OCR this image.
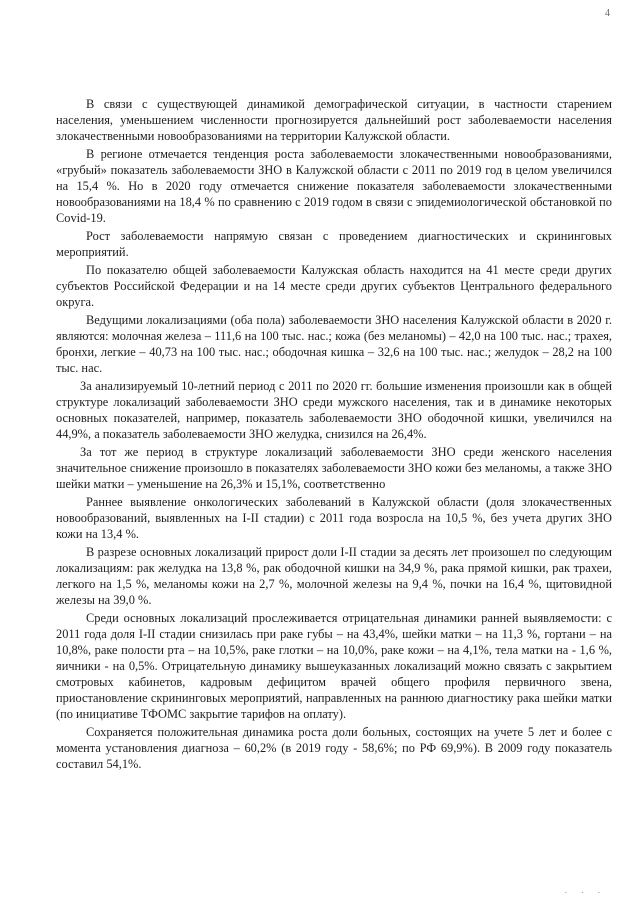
4

В связи с существующей динамикой демографической ситуации, в частности старением населения, уменьшением численности прогнозируется дальнейший рост заболеваемости населения злокачественными новообразованиями на территории Калужской области.

В регионе отмечается тенденция роста заболеваемости злокачественными новообразованиями, «грубый» показатель заболеваемости ЗНО в Калужской области с 2011 по 2019 год в целом увеличился на 15,4 %. Но в 2020 году отмечается снижение показателя заболеваемости злокачественными новообразованиями на 18,4 % по сравнению с 2019 годом в связи с эпидемиологической обстановкой по Covid-19.

Рост заболеваемости напрямую связан с проведением диагностических и скрининговых мероприятий.

По показателю общей заболеваемости Калужская область находится на 41 месте среди других субъектов Российской Федерации и на 14 месте среди других субъектов Центрального федерального округа.

Ведущими локализациями (оба пола) заболеваемости ЗНО населения Калужской области в 2020 г. являются: молочная железа – 111,6 на 100 тыс. нас.; кожа (без меланомы) – 42,0 на 100 тыс. нас.; трахея, бронхи, легкие – 40,73 на 100 тыс. нас.; ободочная кишка – 32,6 на 100 тыс. нас.; желудок – 28,2 на 100 тыс. нас.

За анализируемый 10-летний период с 2011 по 2020 гг. большие изменения произошли как в общей структуре локализаций заболеваемости ЗНО среди мужского населения, так и в динамике некоторых основных показателей, например, показатель заболеваемости ЗНО ободочной кишки, увеличился на 44,9%, а показатель заболеваемости ЗНО желудка, снизился на 26,4%.

За тот же период в структуре локализаций заболеваемости ЗНО среди женского населения значительное снижение произошло в показателях заболеваемости ЗНО кожи без меланомы, а также ЗНО шейки матки – уменьшение на 26,3% и 15,1%, соответственно

Раннее выявление онкологических заболеваний в Калужской области (доля злокачественных новообразований, выявленных на I-II стадии) с 2011 года возросла на 10,5 %, без учета других ЗНО кожи на 13,4 %.

В разрезе основных локализаций прирост доли I-II стадии за десять лет произошел по следующим локализациям: рак желудка на 13,8 %, рак ободочной кишки на 34,9 %, рака прямой кишки, рак трахеи, легкого на 1,5 %, меланомы кожи на 2,7 %, молочной железы на 9,4 %, почки на 16,4 %, щитовидной железы на 39,0 %.

Среди основных локализаций прослеживается отрицательная динамики ранней выявляемости: с 2011 года доля I-II стадии снизилась при раке губы – на 43,4%, шейки матки – на 11,3 %, гортани – на 10,8%, раке полости рта – на 10,5%, раке глотки – на 10,0%, раке кожи – на 4,1%, тела матки на - 1,6 %, яичники - на 0,5%. Отрицательную динамику вышеуказанных локализаций можно связать с закрытием смотровых кабинетов, кадровым дефицитом врачей общего профиля первичного звена, приостановление скрининговых мероприятий, направленных на раннюю диагностику рака шейки матки (по инициативе ТФОМС закрытие тарифов на оплату).

Сохраняется положительная динамика роста доли больных, состоящих на учете 5 лет и более с момента установления диагноза – 60,2% (в 2019 году - 58,6%; по РФ 69,9%). В 2009 году показатель составил 54,1%.

. . .
